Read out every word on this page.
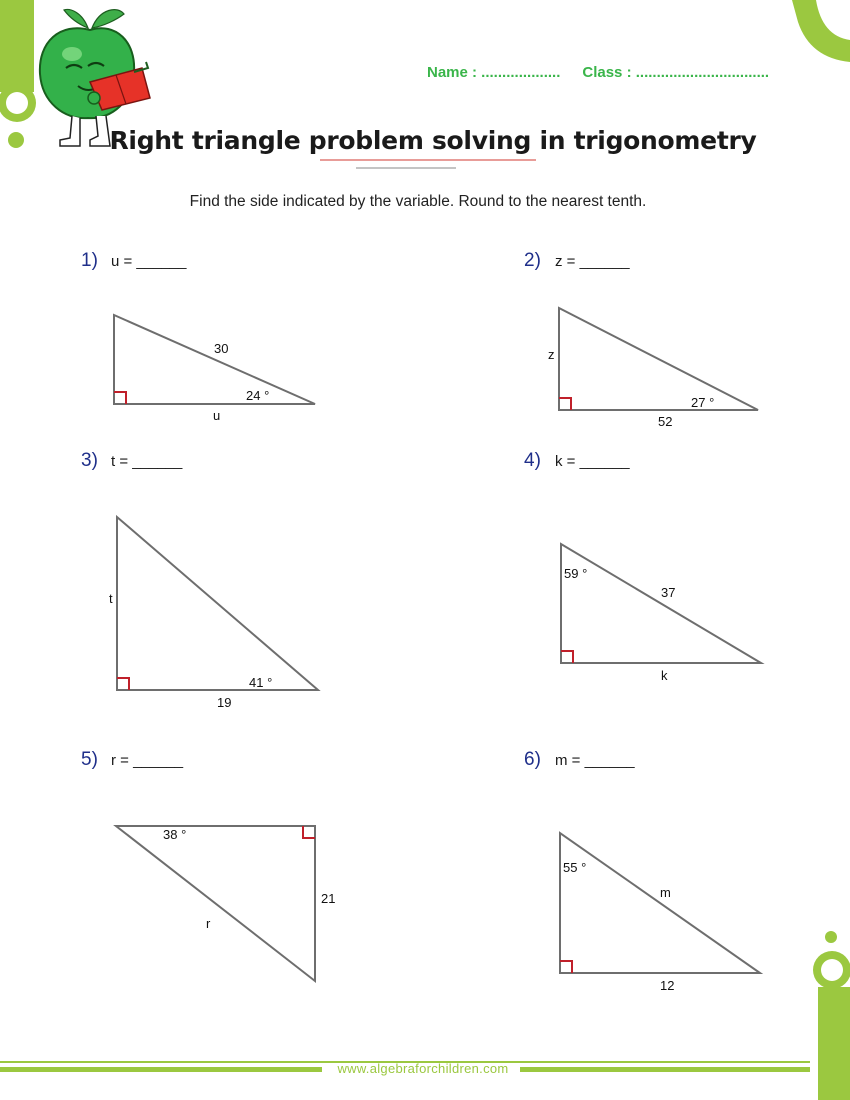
Name : ................... Class : ................................
Right triangle problem solving in trigonometry
Find the side indicated by the variable. Round to the nearest tenth.
1) u = ______
30
24 °
u
2) z = ______
z
27 °
52
3) t = ______
t
41 °
19
4) k = ______
59 °
37
k
5) r = ______
38 °
21
r
6) m = ______
55 °
m
12
www.algebraforchildren.com
